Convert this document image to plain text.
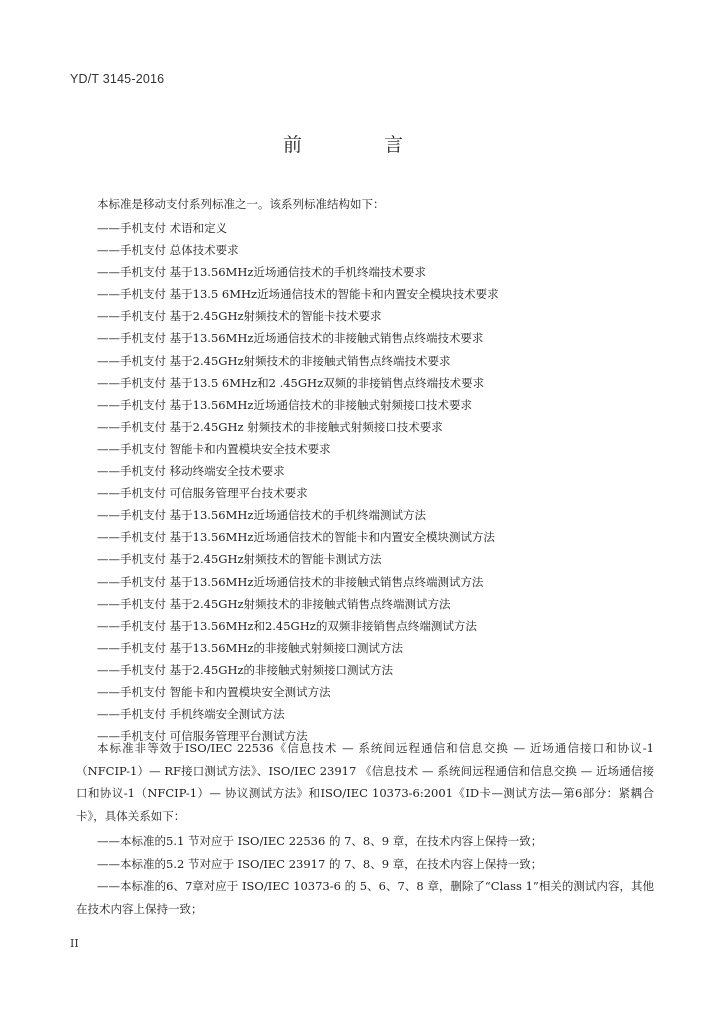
YD/T 3145-2016
前 言
本标准是移动支付系列标准之一。该系列标准结构如下：
——手机支付 术语和定义
——手机支付 总体技术要求
——手机支付 基于13.56MHz近场通信技术的手机终端技术要求
——手机支付 基于13.5 6MHz近场通信技术的智能卡和内置安全模块技术要求
——手机支付 基于2.45GHz射频技术的智能卡技术要求
——手机支付 基于13.56MHz近场通信技术的非接触式销售点终端技术要求
——手机支付 基于2.45GHz射频技术的非接触式销售点终端技术要求
——手机支付 基于13.5 6MHz和2 .45GHz双频的非接销售点终端技术要求
——手机支付 基于13.56MHz近场通信技术的非接触式射频接口技术要求
——手机支付 基于2.45GHz 射频技术的非接触式射频接口技术要求
——手机支付 智能卡和内置模块安全技术要求
——手机支付 移动终端安全技术要求
——手机支付 可信服务管理平台技术要求
——手机支付 基于13.56MHz近场通信技术的手机终端测试方法
——手机支付 基于13.56MHz近场通信技术的智能卡和内置安全模块测试方法
——手机支付 基于2.45GHz射频技术的智能卡测试方法
——手机支付 基于13.56MHz近场通信技术的非接触式销售点终端测试方法
——手机支付 基于2.45GHz射频技术的非接触式销售点终端测试方法
——手机支付 基于13.56MHz和2.45GHz的双频非接销售点终端测试方法
——手机支付 基于13.56MHz的非接触式射频接口测试方法
——手机支付 基于2.45GHz的非接触式射频接口测试方法
——手机支付 智能卡和内置模块安全测试方法
——手机支付 手机终端安全测试方法
——手机支付 可信服务管理平台测试方法

本标准非等效于ISO/IEC 22536《信息技术 — 系统间远程通信和信息交换 — 近场通信接口和协议-1（NFCIP-1）— RF接口测试方法》、ISO/IEC 23917 《信息技术 — 系统间远程通信和信息交换 — 近场通信接口和协议-1（NFCIP-1）— 协议测试方法》和ISO/IEC 10373-6:2001《ID卡—测试方法—第6部分：紧耦合卡》，具体关系如下：

——本标准的5.1 节对应于 ISO/IEC 22536 的 7、8、9 章，在技术内容上保持一致；
——本标准的5.2 节对应于 ISO/IEC 23917 的 7、8、9 章，在技术内容上保持一致；
——本标准的6、7章对应于 ISO/IEC 10373-6 的 5、6、7、8 章，删除了“Class 1”相关的测试内容，其他在技术内容上保持一致；
II
